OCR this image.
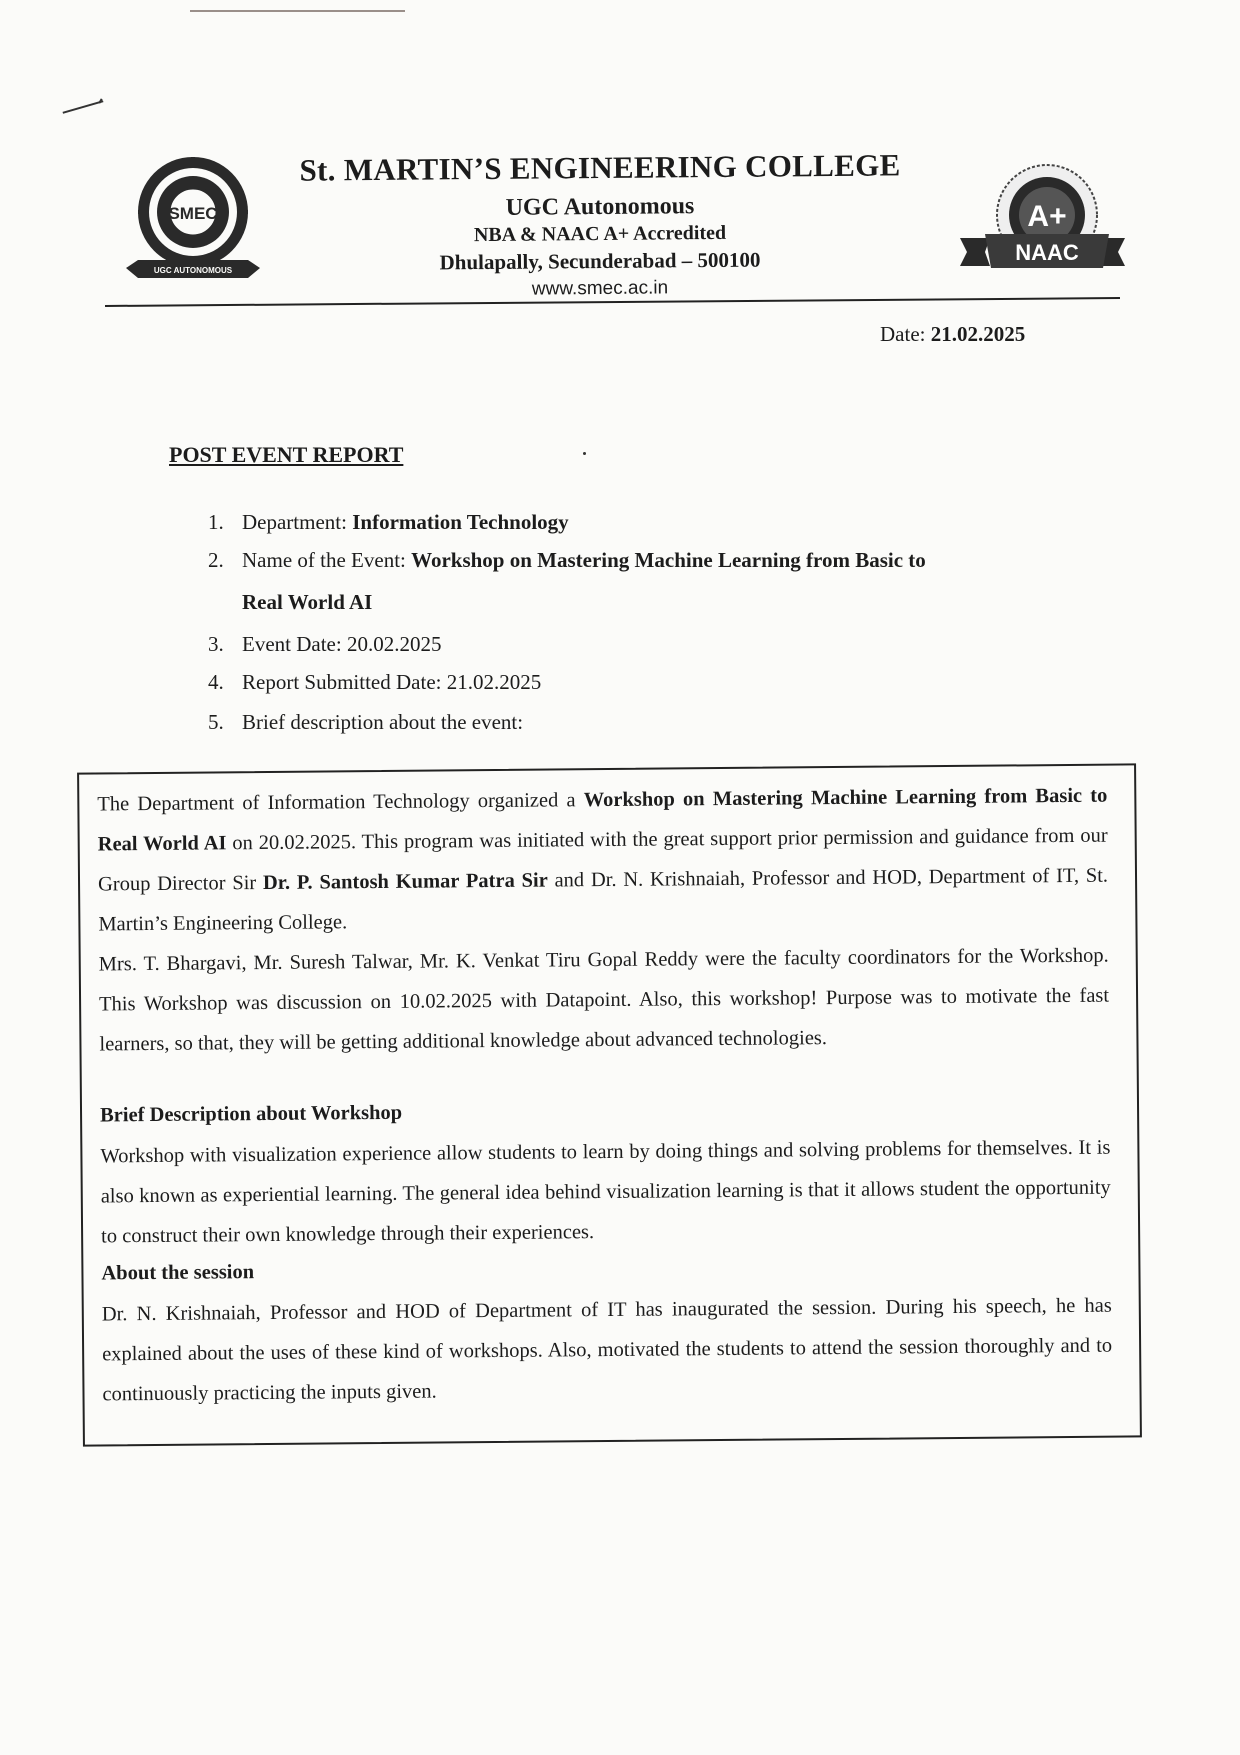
SMEC
UGC AUTONOMOUS
A+
NAAC
St. MARTIN’S ENGINEERING COLLEGE
UGC Autonomous
NBA & NAAC A+ Accredited
Dhulapally, Secunderabad – 500100
www.smec.ac.in
Date: 21.02.2025
POST EVENT REPORT
1. Department: Information Technology
2. Name of the Event: Workshop on Mastering Machine Learning from Basic to
Real World AI
3. Event Date: 20.02.2025
4. Report Submitted Date: 21.02.2025
5. Brief description about the event:
The Department of Information Technology organized a Workshop on Mastering Machine Learning from Basic to Real World AI on 20.02.2025. This program was initiated with the great support prior permission and guidance from our Group Director Sir Dr. P. Santosh Kumar Patra Sir and Dr. N. Krishnaiah, Professor and HOD, Department of IT, St. Martin’s Engineering College.
Mrs. T. Bhargavi, Mr. Suresh Talwar, Mr. K. Venkat Tiru Gopal Reddy were the faculty coordinators for the Workshop. This Workshop was discussion on 10.02.2025 with Datapoint. Also, this workshop! Purpose was to motivate the fast learners, so that, they will be getting additional knowledge about advanced technologies.
Brief Description about Workshop
Workshop with visualization experience allow students to learn by doing things and solving problems for themselves. It is also known as experiential learning. The general idea behind visualization learning is that it allows student the opportunity to construct their own knowledge through their experiences.
About the session
Dr. N. Krishnaiah, Professor and HOD of Department of IT has inaugurated the session. During his speech, he has explained about the uses of these kind of workshops. Also, motivated the students to attend the session thoroughly and to continuously practicing the inputs given.
